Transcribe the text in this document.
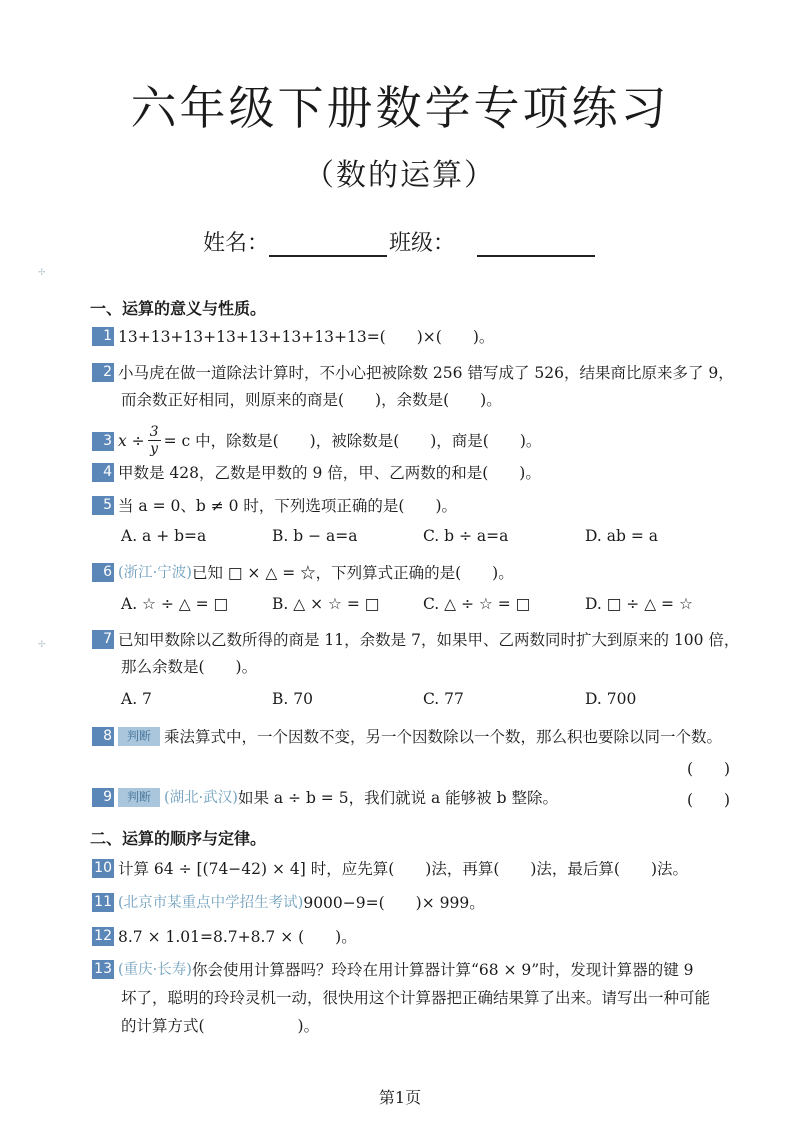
六年级下册数学专项练习
（数的运算）
姓名：	班级：
✢
✢
一、运算的意义与性质。
1 13+13+13+13+13+13+13+13=(　　)×(　　)。
2 小马虎在做一道除法计算时，不小心把被除数 256 错写成了 526，结果商比原来多了 9，
而余数正好相同，则原来的商是(　　)，余数是(　　)。
3 $x \div \frac{3}{y} = c$ 中，除数是(　　)，被除数是(　　)，商是(　　)。
4 甲数是 428，乙数是甲数的 9 倍，甲、乙两数的和是(　　)。
5 当 a = 0、b ≠ 0 时，下列选项正确的是(　　)。
A. a + b=a	B. b − a=a	C. b ÷ a=a	D. ab = a
6 (浙江·宁波) 已知 □ × △ = ☆，下列算式正确的是(　　)。
A. ☆ ÷ △ = □	B. △ × ☆ = □	C. △ ÷ ☆ = □	D. □ ÷ △ = ☆
7 已知甲数除以乙数所得的商是 11，余数是 7，如果甲、乙两数同时扩大到原来的 100 倍，
那么余数是(　　)。
A. 7	B. 70	C. 77	D. 700
8	判断 乘法算式中，一个因数不变，另一个因数除以一个数，那么积也要除以同一个数。
(　　)
9	判断 (湖北·武汉) 如果 a ÷ b = 5，我们就说 a 能够被 b 整除。	(　　)
二、运算的顺序与定律。
10 计算 64 ÷ [(74−42) × 4] 时，应先算(　　)法，再算(　　)法，最后算(　　)法。
11 (北京市某重点中学招生考试) 9000−9=(　　)× 999。
12 8.7 × 1.01=8.7+8.7 × (　　)。
13 (重庆·长寿) 你会使用计算器吗？玲玲在用计算器计算“68 × 9”时，发现计算器的键 9
坏了，聪明的玲玲灵机一动，很快用这个计算器把正确结果算了出来。请写出一种可能
的计算方式(　　　　　　)。
第1页
